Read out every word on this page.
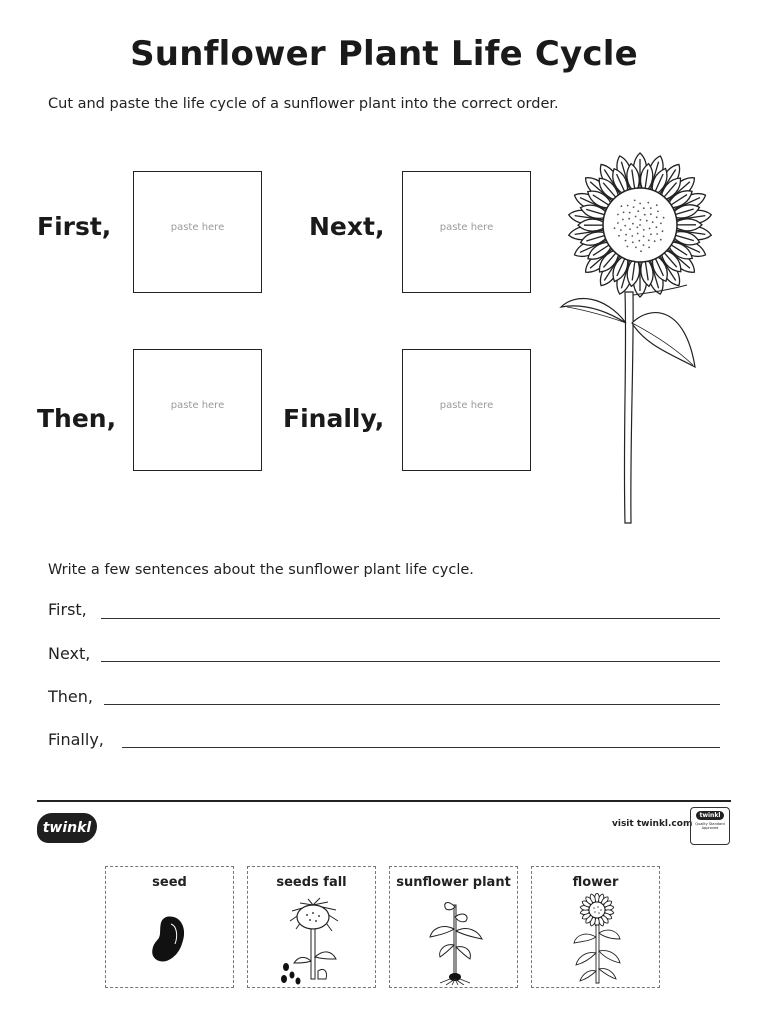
Sunflower Plant Life Cycle
Cut and paste the life cycle of a sunflower plant into the correct order.
First,	paste here	Next,	paste here
Then,	paste here Finally,	paste here
Write a few sentences about the sunflower plant life cycle.
First,
Next,
Then,
Finally,
twinkl	visit twinkl.com
twinkl
Quality Standard Approved
seed	seeds fall	sunflower plant	flower
